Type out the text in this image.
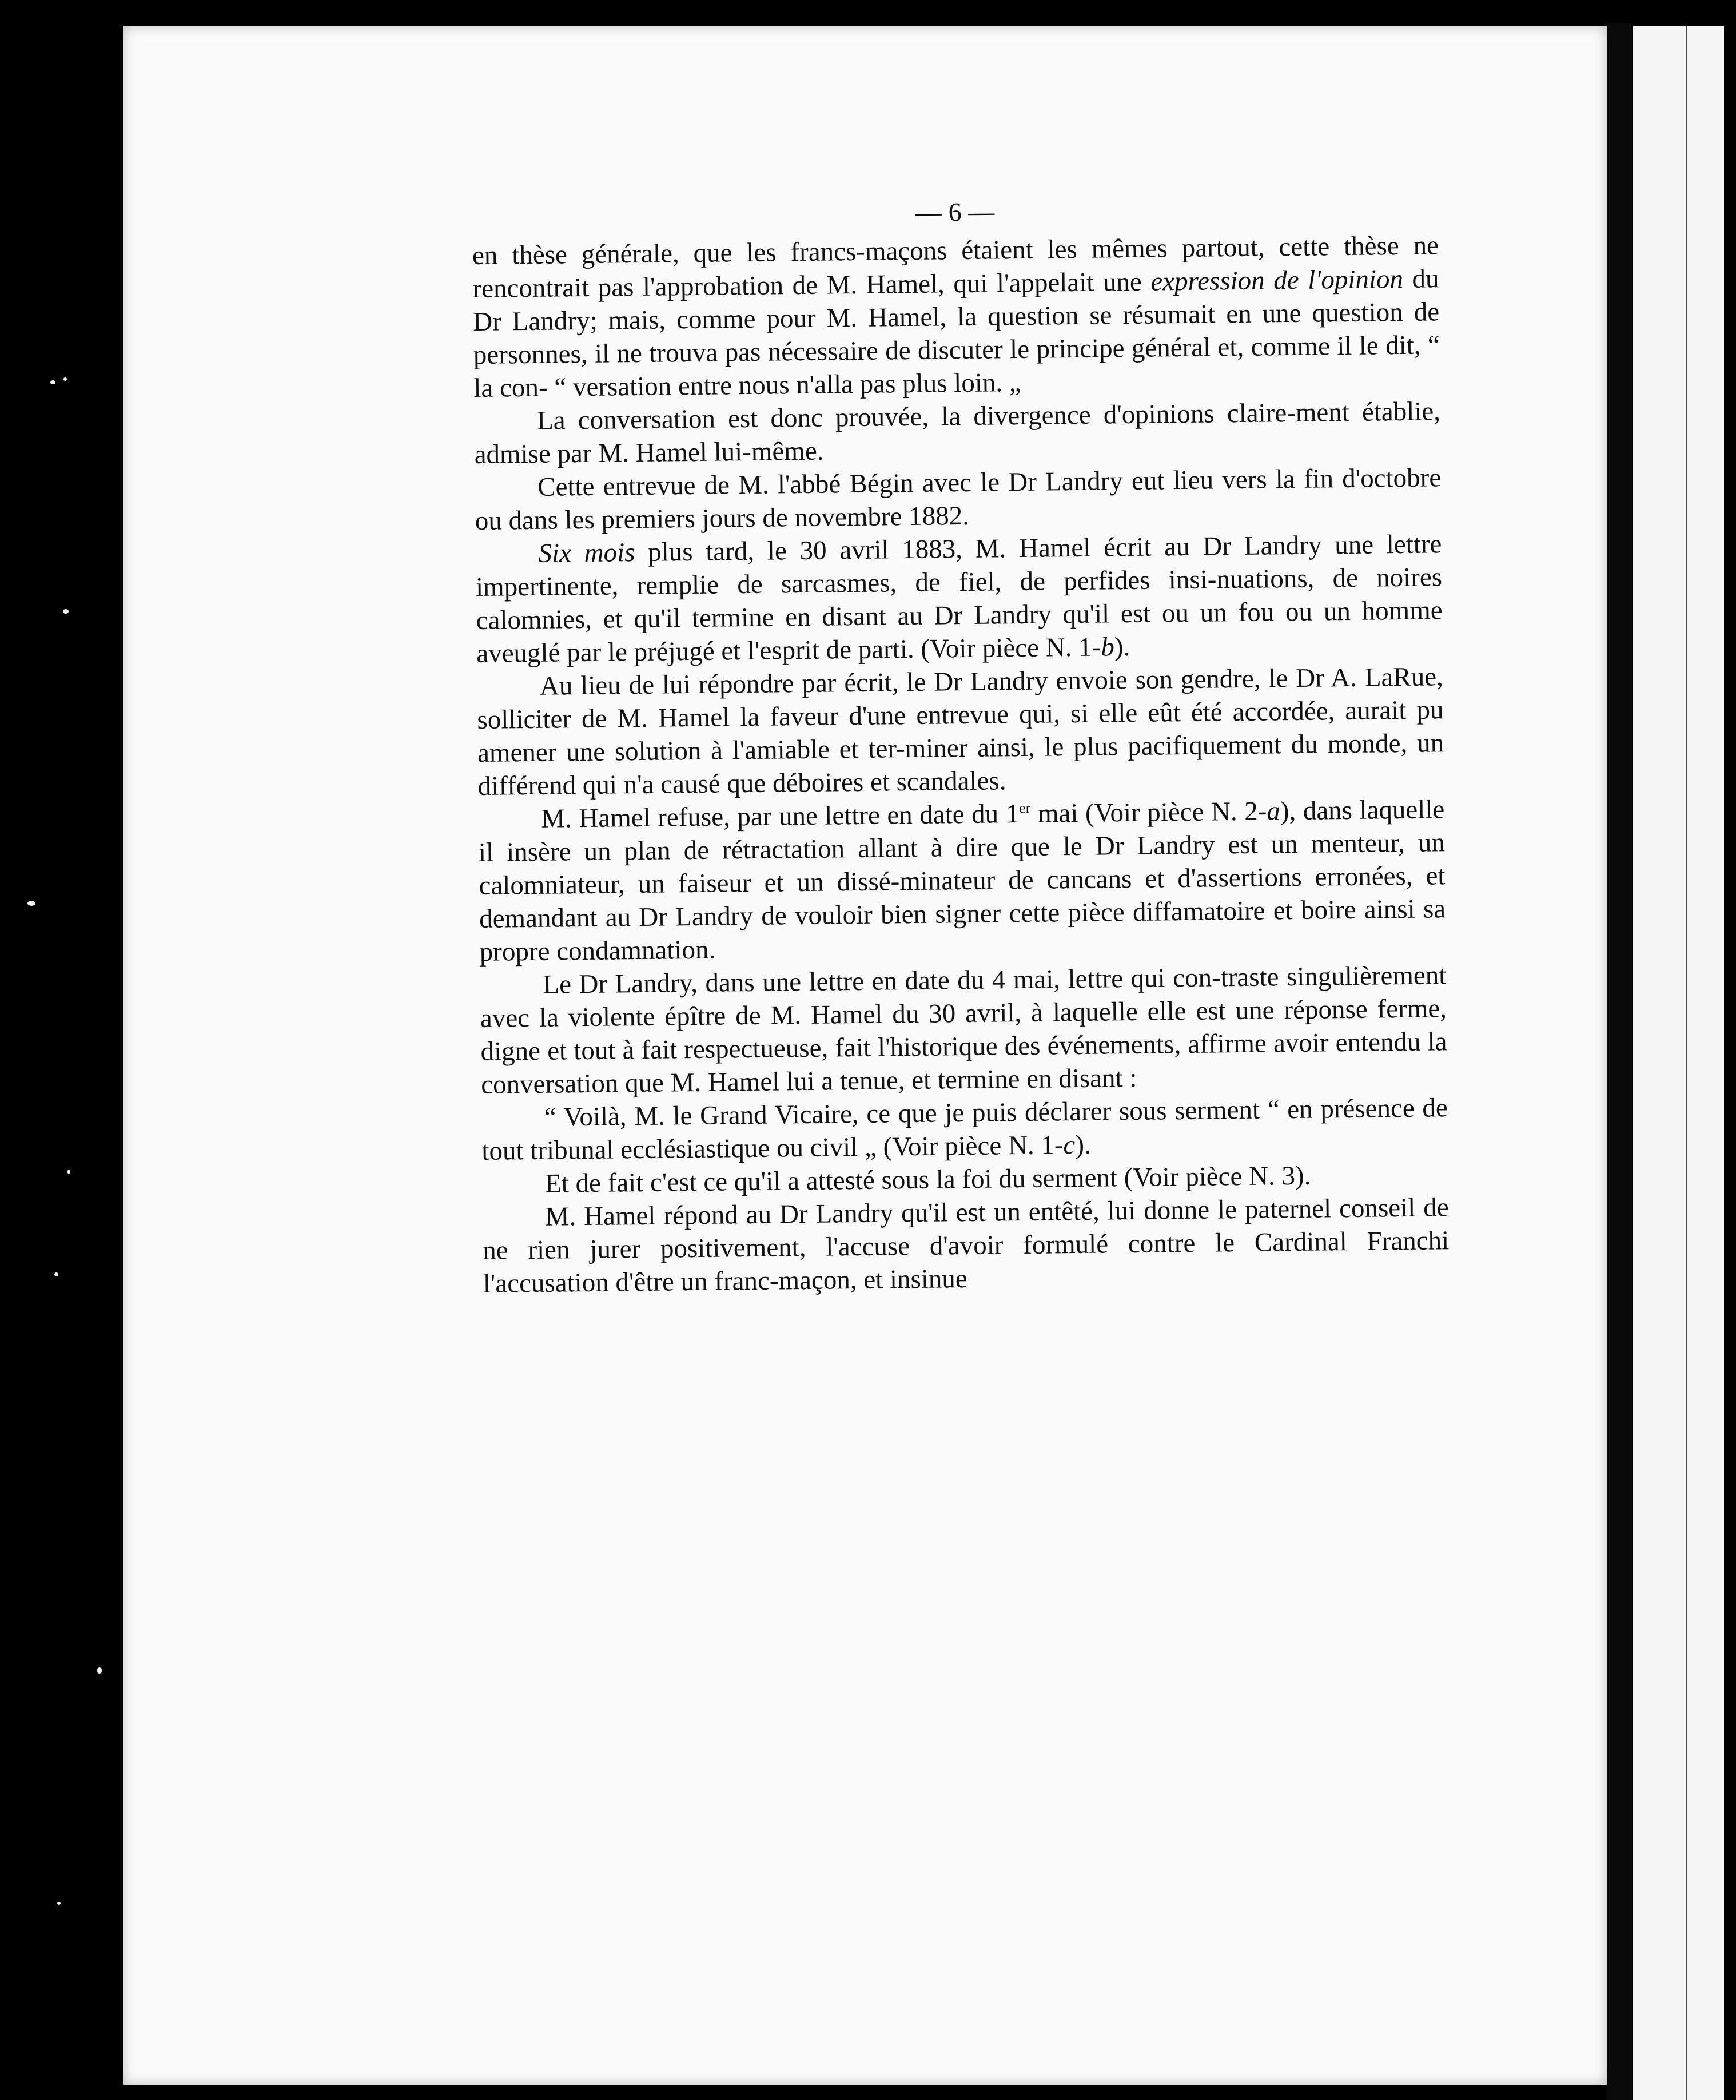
— 6 —

en thèse générale, que les francs-maçons étaient les mêmes partout, cette thèse ne rencontrait pas l'approbation de M. Hamel, qui l'appelait une expression de l'opinion du Dr Landry; mais, comme pour M. Hamel, la question se résumait en une question de personnes, il ne trouva pas nécessaire de discuter le principe général et, comme il le dit, “ la con- “ versation entre nous n'alla pas plus loin. „

La conversation est donc prouvée, la divergence d'opinions claire-ment établie, admise par M. Hamel lui-même.

Cette entrevue de M. l'abbé Bégin avec le Dr Landry eut lieu vers la fin d'octobre ou dans les premiers jours de novembre 1882.

Six mois plus tard, le 30 avril 1883, M. Hamel écrit au Dr Landry une lettre impertinente, remplie de sarcasmes, de fiel, de perfides insi-nuations, de noires calomnies, et qu'il termine en disant au Dr Landry qu'il est ou un fou ou un homme aveuglé par le préjugé et l'esprit de parti. (Voir pièce N. 1-b).

Au lieu de lui répondre par écrit, le Dr Landry envoie son gendre, le Dr A. LaRue, solliciter de M. Hamel la faveur d'une entrevue qui, si elle eût été accordée, aurait pu amener une solution à l'amiable et ter-miner ainsi, le plus pacifiquement du monde, un différend qui n'a causé que déboires et scandales.

M. Hamel refuse, par une lettre en date du 1er mai (Voir pièce N. 2-a), dans laquelle il insère un plan de rétractation allant à dire que le Dr Landry est un menteur, un calomniateur, un faiseur et un dissé-minateur de cancans et d'assertions erronées, et demandant au Dr Landry de vouloir bien signer cette pièce diffamatoire et boire ainsi sa propre condamnation.

Le Dr Landry, dans une lettre en date du 4 mai, lettre qui con-traste singulièrement avec la violente épître de M. Hamel du 30 avril, à laquelle elle est une réponse ferme, digne et tout à fait respectueuse, fait l'historique des événements, affirme avoir entendu la conversation que M. Hamel lui a tenue, et termine en disant :

“ Voilà, M. le Grand Vicaire, ce que je puis déclarer sous serment “ en présence de tout tribunal ecclésiastique ou civil „ (Voir pièce N. 1-c).

Et de fait c'est ce qu'il a attesté sous la foi du serment (Voir pièce N. 3).

M. Hamel répond au Dr Landry qu'il est un entêté, lui donne le paternel conseil de ne rien jurer positivement, l'accuse d'avoir formulé contre le Cardinal Franchi l'accusation d'être un franc-maçon, et insinue
